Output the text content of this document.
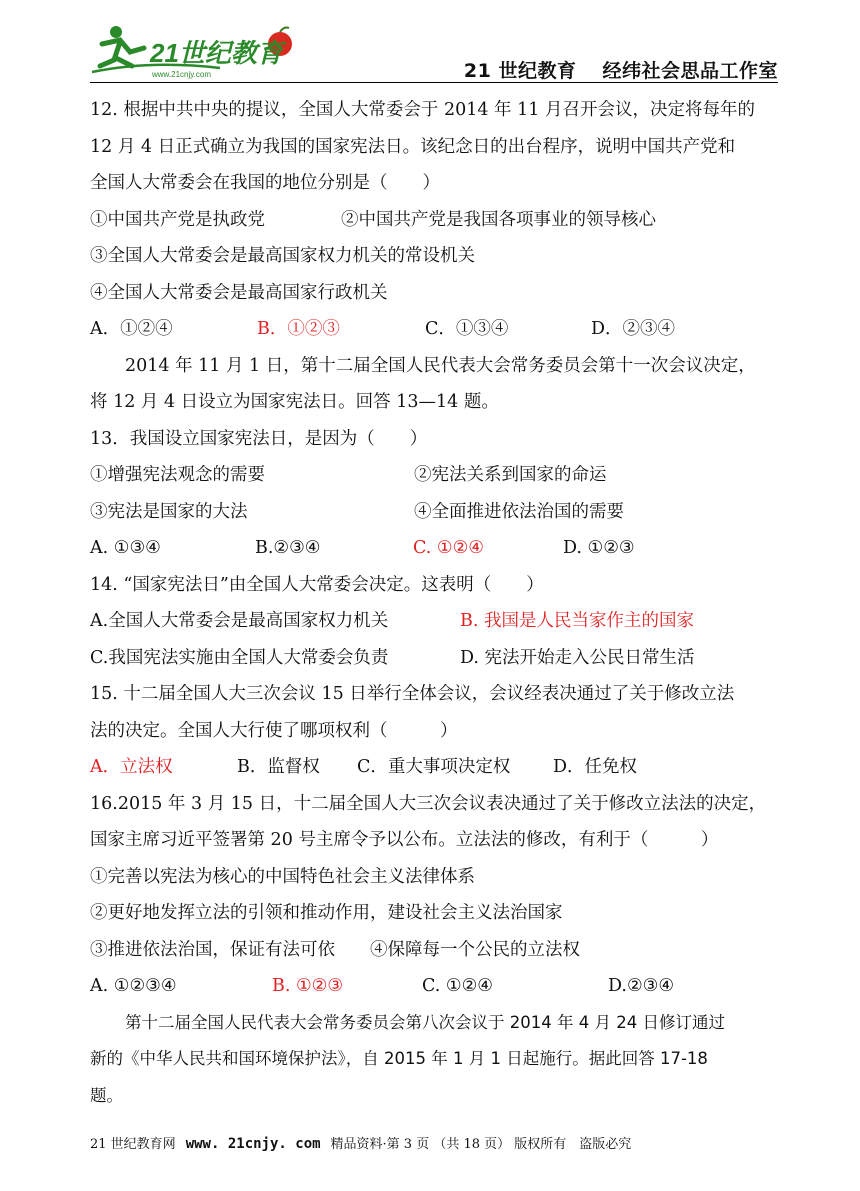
21世纪教育
www.21cnjy.com	21 世纪教育 经纬社会思品工作室
12. 根据中共中央的提议，全国人大常委会于 2014 年 11 月召开会议，决定将每年的
12 月 4 日正式确立为我国的国家宪法日。该纪念日的出台程序，说明中国共产党和
全国人大常委会在我国的地位分别是（　　）
①中国共产党是执政党	②中国共产党是我国各项事业的领导核心
③全国人大常委会是最高国家权力机关的常设机关
④全国人大常委会是最高国家行政机关
A．①②④	B．①②③	C．①③④	D．②③④
2014 年 11 月 1 日，第十二届全国人民代表大会常务委员会第十一次会议决定，
将 12 月 4 日设立为国家宪法日。回答 13—14 题。
13．我国设立国家宪法日，是因为（　　）
①增强宪法观念的需要	②宪法关系到国家的命运
③宪法是国家的大法	④全面推进依法治国的需要
A. ①③④	B.②③④	C. ①②④	D. ①②③
14. “国家宪法日”由全国人大常委会决定。这表明（　　）
A.全国人大常委会是最高国家权力机关	B. 我国是人民当家作主的国家
C.我国宪法实施由全国人大常委会负责	D. 宪法开始走入公民日常生活
15. 十二届全国人大三次会议 15 日举行全体会议，会议经表决通过了关于修改立法
法的决定。全国人大行使了哪项权利（　　　）
A．立法权	B．监督权 C．重大事项决定权 D．任免权
16.2015 年 3 月 15 日，十二届全国人大三次会议表决通过了关于修改立法法的决定，
国家主席习近平签署第 20 号主席令予以公布。立法法的修改，有利于（　　　）
①完善以宪法为核心的中国特色社会主义法律体系
②更好地发挥立法的引领和推动作用，建设社会主义法治国家
③推进依法治国，保证有法可依　　④保障每一个公民的立法权
A. ①②③④	B. ①②③	C. ①②④	D.②③④
第十二届全国人民代表大会常务委员会第八次会议于 2014 年 4 月 24 日修订通过
新的《中华人民共和国环境保护法》，自 2015 年 1 月 1 日起施行。据此回答 17-18
题。
21 世纪教育网 www. 21cnjy. com 精品资料·第 3 页 （共 18 页） 版权所有　盗版必究
